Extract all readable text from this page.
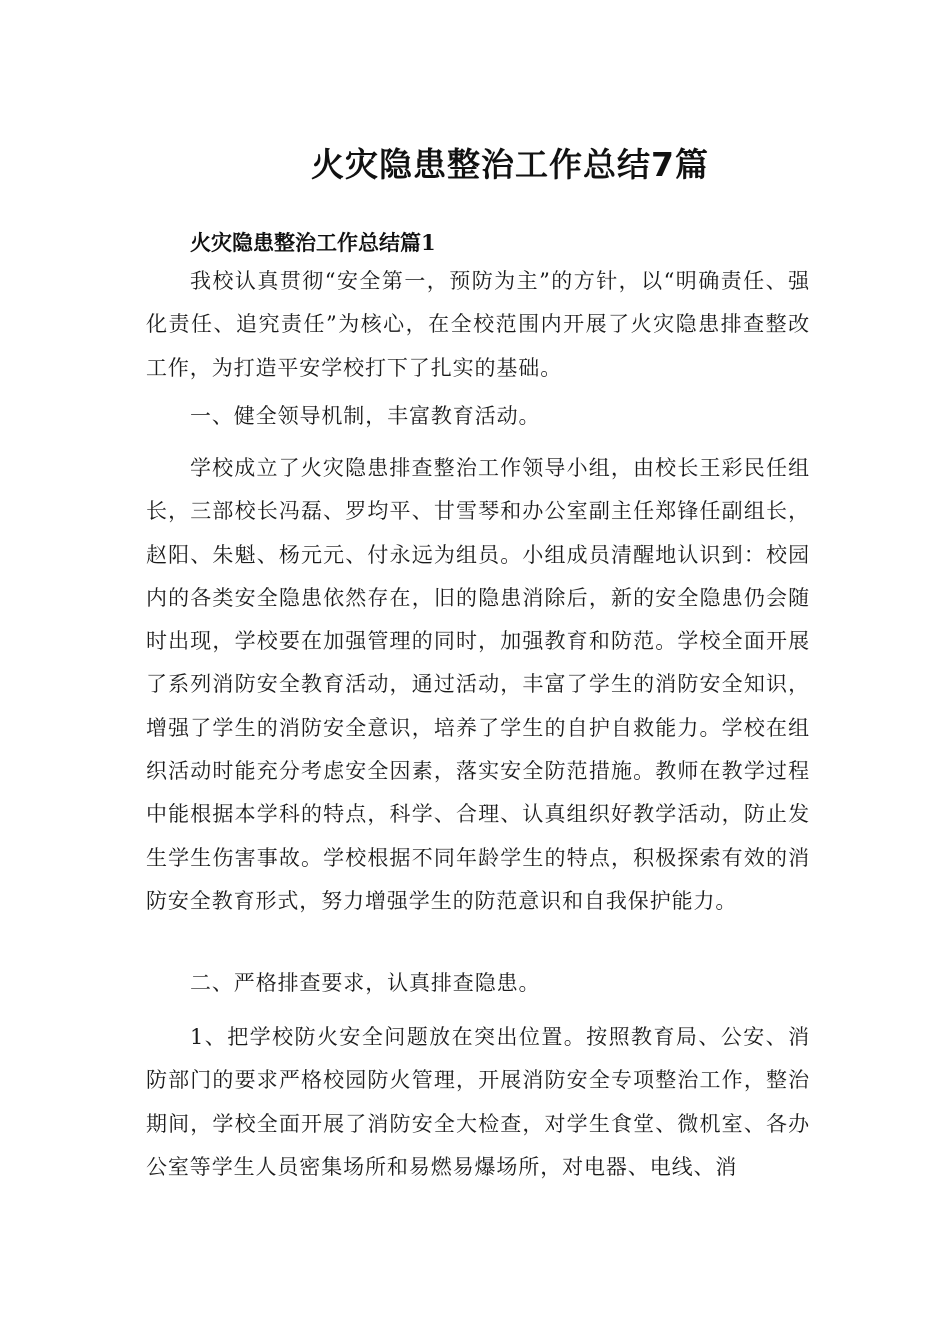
火灾隐患整治工作总结7篇
火灾隐患整治工作总结篇1

我校认真贯彻“安全第一，预防为主”的方针，以“明确责任、强化责任、追究责任”为核心，在全校范围内开展了火灾隐患排查整改工作，为打造平安学校打下了扎实的基础。

一、健全领导机制，丰富教育活动。

学校成立了火灾隐患排查整治工作领导小组，由校长王彩民任组长，三部校长冯磊、罗均平、甘雪琴和办公室副主任郑锋任副组长，赵阳、朱魁、杨元元、付永远为组员。小组成员清醒地认识到：校园内的各类安全隐患依然存在，旧的隐患消除后，新的安全隐患仍会随时出现，学校要在加强管理的同时，加强教育和防范。学校全面开展了系列消防安全教育活动，通过活动，丰富了学生的消防安全知识，增强了学生的消防安全意识，培养了学生的自护自救能力。学校在组织活动时能充分考虑安全因素，落实安全防范措施。教师在教学过程中能根据本学科的特点，科学、合理、认真组织好教学活动，防止发生学生伤害事故。学校根据不同年龄学生的特点，积极探索有效的消防安全教育形式，努力增强学生的防范意识和自我保护能力。

二、严格排查要求，认真排查隐患。

1、把学校防火安全问题放在突出位置。按照教育局、公安、消防部门的要求严格校园防火管理，开展消防安全专项整治工作，整治期间，学校全面开展了消防安全大检查，对学生食堂、微机室、各办公室等学生人员密集场所和易燃易爆场所，对电器、电线、消
